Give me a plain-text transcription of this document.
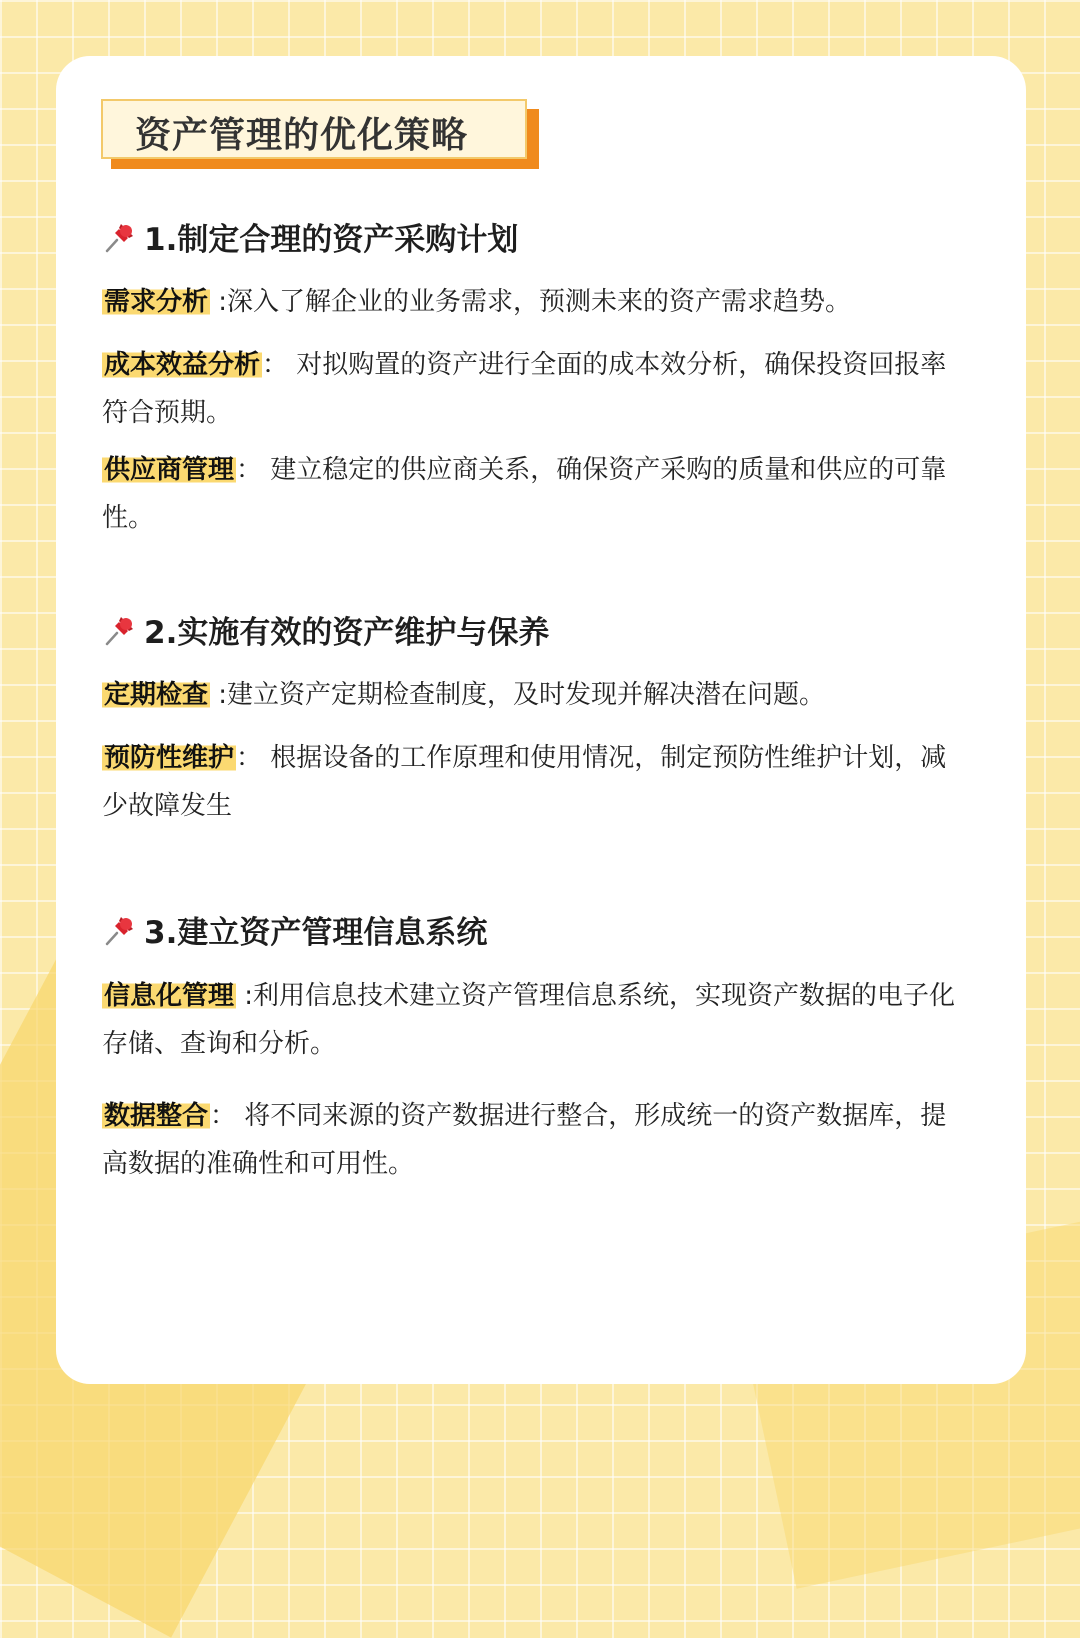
资产管理的优化策略
1.制定合理的资产采购计划
需求分析 :深入了解企业的业务需求，预测未来的资产需求趋势。
成本效益分析： 对拟购置的资产进行全面的成本效分析，确保投资回报率符合预期。
供应商管理： 建立稳定的供应商关系，确保资产采购的质量和供应的可靠性。
2.实施有效的资产维护与保养
定期检查 :建立资产定期检查制度，及时发现并解决潜在问题。
预防性维护： 根据设备的工作原理和使用情况，制定预防性维护计划，减少故障发生
3.建立资产管理信息系统
信息化管理 :利用信息技术建立资产管理信息系统，实现资产数据的电子化存储、查询和分析。
数据整合： 将不同来源的资产数据进行整合，形成统一的资产数据库，提高数据的准确性和可用性。
